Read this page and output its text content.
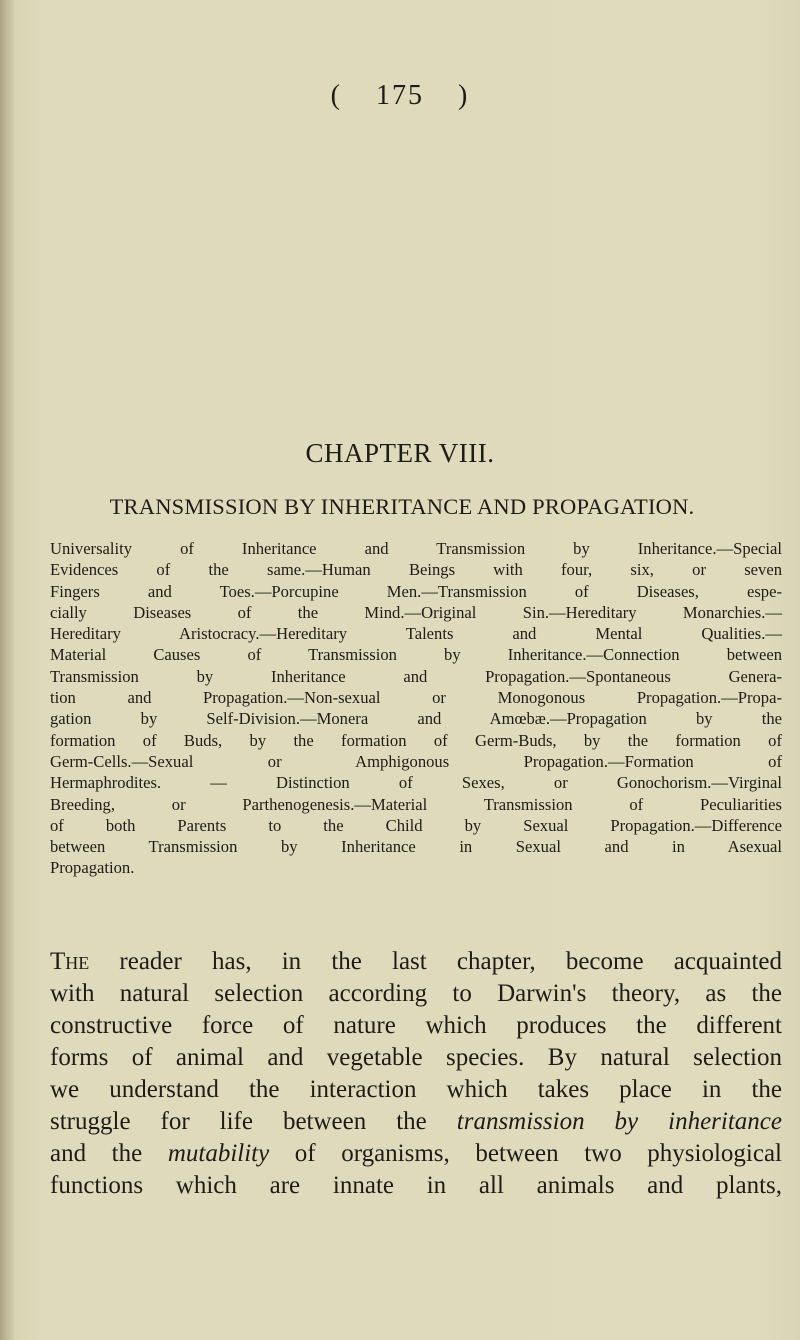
( 175 )
CHAPTER VIII.
TRANSMISSION BY INHERITANCE AND PROPAGATION.
Universality of Inheritance and Transmission by Inheritance.—Special
Evidences of the same.—Human Beings with four, six, or seven
Fingers and Toes.—Porcupine Men.—Transmission of Diseases, espe-
cially Diseases of the Mind.—Original Sin.—Hereditary Monarchies.—
Hereditary Aristocracy.—Hereditary Talents and Mental Qualities.—
Material Causes of Transmission by Inheritance.—Connection between
Transmission by Inheritance and Propagation.—Spontaneous Genera-
tion and Propagation.—Non-sexual or Monogonous Propagation.—Propa-
gation by Self-Division.—Monera and Amœbæ.—Propagation by the
formation of Buds, by the formation of Germ-Buds, by the formation of
Germ-Cells.—Sexual or Amphigonous Propagation.—Formation of
Hermaphrodites. — Distinction of Sexes, or Gonochorism.—Virginal
Breeding, or Parthenogenesis.—Material Transmission of Peculiarities
of both Parents to the Child by Sexual Propagation.—Difference
between Transmission by Inheritance in Sexual and in Asexual
Propagation.
The reader has, in the last chapter, become acquainted
with natural selection according to Darwin's theory, as the
constructive force of nature which produces the different
forms of animal and vegetable species. By natural selection
we understand the interaction which takes place in the
struggle for life between the transmission by inheritance
and the mutability of organisms, between two physiological
functions which are innate in all animals and plants,
